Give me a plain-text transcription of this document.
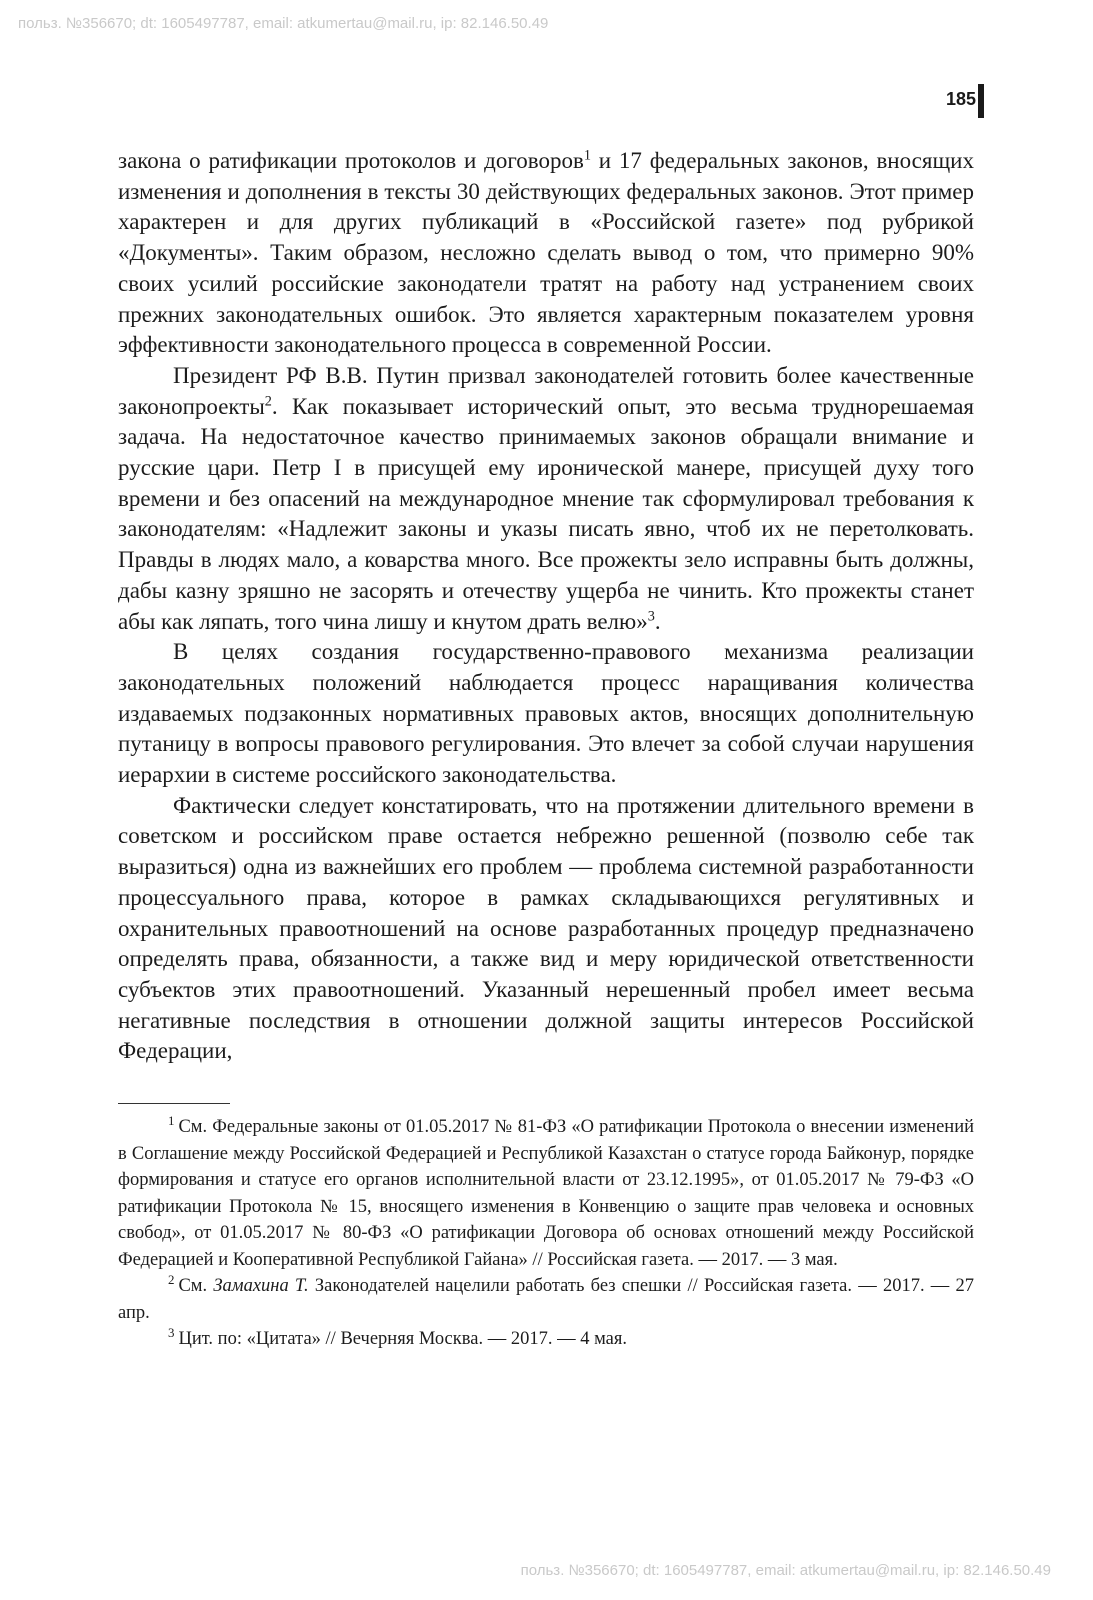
польз. №356670; dt: 1605497787, email: atkumertau@mail.ru, ip: 82.146.50.49
185

закона о ратификации протоколов и договоров$^1$ и 17 федеральных законов, вносящих изменения и дополнения в тексты 30 действующих федеральных законов. Этот пример характерен и для других публикаций в «Российской газете» под рубрикой «Документы». Таким образом, несложно сделать вывод о том, что примерно 90% своих усилий российские законодатели тратят на работу над устранением своих прежних законодательных ошибок. Это является характерным показателем уровня эффективности законодательного процесса в современной России.

Президент РФ В.В. Путин призвал законодателей готовить более качественные законопроекты$^2$. Как показывает исторический опыт, это весьма труднорешаемая задача. На недостаточное качество принимаемых законов обращали внимание и русские цари. Петр I в присущей ему иронической манере, присущей духу того времени и без опасений на международное мнение так сформулировал требования к законодателям: «Надлежит законы и указы писать явно, чтоб их не перетолковать. Правды в людях мало, а коварства много. Все прожекты зело исправны быть должны, дабы казну зряшно не засорять и отечеству ущерба не чинить. Кто прожекты станет абы как ляпать, того чина лишу и кнутом драть велю»$^3$.

В целях создания государственно-правового механизма реализации законодательных положений наблюдается процесс наращивания количества издаваемых подзаконных нормативных правовых актов, вносящих дополнительную путаницу в вопросы правового регулирования. Это влечет за собой случаи нарушения иерархии в системе российского законодательства.

Фактически следует констатировать, что на протяжении длительного времени в советском и российском праве остается небрежно решенной (позволю себе так выразиться) одна из важнейших его проблем — проблема системной разработанности процессуального права, которое в рамках складывающихся регулятивных и охранительных правоотношений на основе разработанных процедур предназначено определять права, обязанности, а также вид и меру юридической ответственности субъектов этих правоотношений. Указанный нерешенный пробел имеет весьма негативные последствия в отношении должной защиты интересов Российской Федерации,

$^1$ См. Федеральные законы от 01.05.2017 № 81-ФЗ «О ратификации Протокола о внесении изменений в Соглашение между Российской Федерацией и Республикой Казахстан о статусе города Байконур, порядке формирования и статусе его органов исполнительной власти от 23.12.1995», от 01.05.2017 № 79-ФЗ «О ратификации Протокола № 15, вносящего изменения в Конвенцию о защите прав человека и основных свобод», от 01.05.2017 № 80-ФЗ «О ратификации Договора об основах отношений между Российской Федерацией и Кооперативной Республикой Гайана» // Российская газета. — 2017. — 3 мая.

$^2$ См. Замахина Т. Законодателей нацелили работать без спешки // Российская газета. — 2017. — 27 апр.

$^3$ Цит. по: «Цитата» // Вечерняя Москва. — 2017. — 4 мая.

польз. №356670; dt: 1605497787, email: atkumertau@mail.ru, ip: 82.146.50.49
